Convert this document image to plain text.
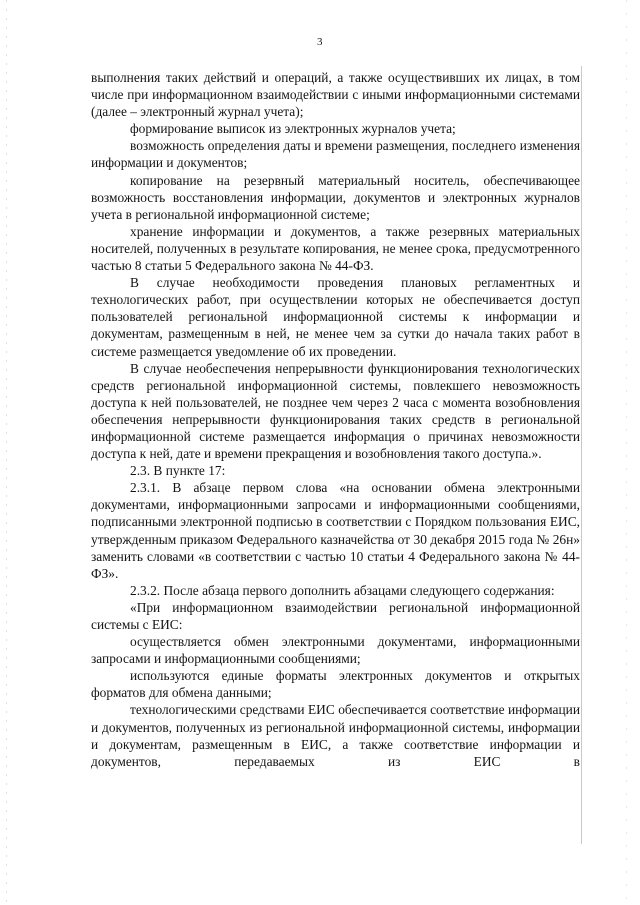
3

выполнения таких действий и операций, а также осуществивших их лицах, в том числе при информационном взаимодействии с иными информационными системами (далее – электронный журнал учета);

формирование выписок из электронных журналов учета;

возможность определения даты и времени размещения, последнего изменения информации и документов;

копирование на резервный материальный носитель, обеспечивающее возможность восстановления информации, документов и электронных журналов учета в региональной информационной системе;

хранение информации и документов, а также резервных материальных носителей, полученных в результате копирования, не менее срока, предусмотренного частью 8 статьи 5 Федерального закона № 44-ФЗ.

В случае необходимости проведения плановых регламентных и технологических работ, при осуществлении которых не обеспечивается доступ пользователей региональной информационной системы к информации и документам, размещенным в ней, не менее чем за сутки до начала таких работ в системе размещается уведомление об их проведении.

В случае необеспечения непрерывности функционирования технологических средств региональной информационной системы, повлекшего невозможность доступа к ней пользователей, не позднее чем через 2 часа с момента возобновления обеспечения непрерывности функционирования таких средств в региональной информационной системе размещается информация о причинах невозможности доступа к ней, дате и времени прекращения и возобновления такого доступа.».

2.3. В пункте 17:

2.3.1. В абзаце первом слова «на основании обмена электронными документами, информационными запросами и информационными сообщениями, подписанными электронной подписью в соответствии с Порядком пользования ЕИС, утвержденным приказом Федерального казначейства от 30 декабря 2015 года № 26н» заменить словами «в соответствии с частью 10 статьи 4 Федерального закона № 44-ФЗ».

2.3.2. После абзаца первого дополнить абзацами следующего содержания:

«При информационном взаимодействии региональной информационной системы с ЕИС:

осуществляется обмен электронными документами, информационными запросами и информационными сообщениями;

используются единые форматы электронных документов и открытых форматов для обмена данными;

технологическими средствами ЕИС обеспечивается соответствие информации и документов, полученных из региональной информационной системы, информации и документам, размещенным в ЕИС, а также соответствие информации и документов, передаваемых из ЕИС в
